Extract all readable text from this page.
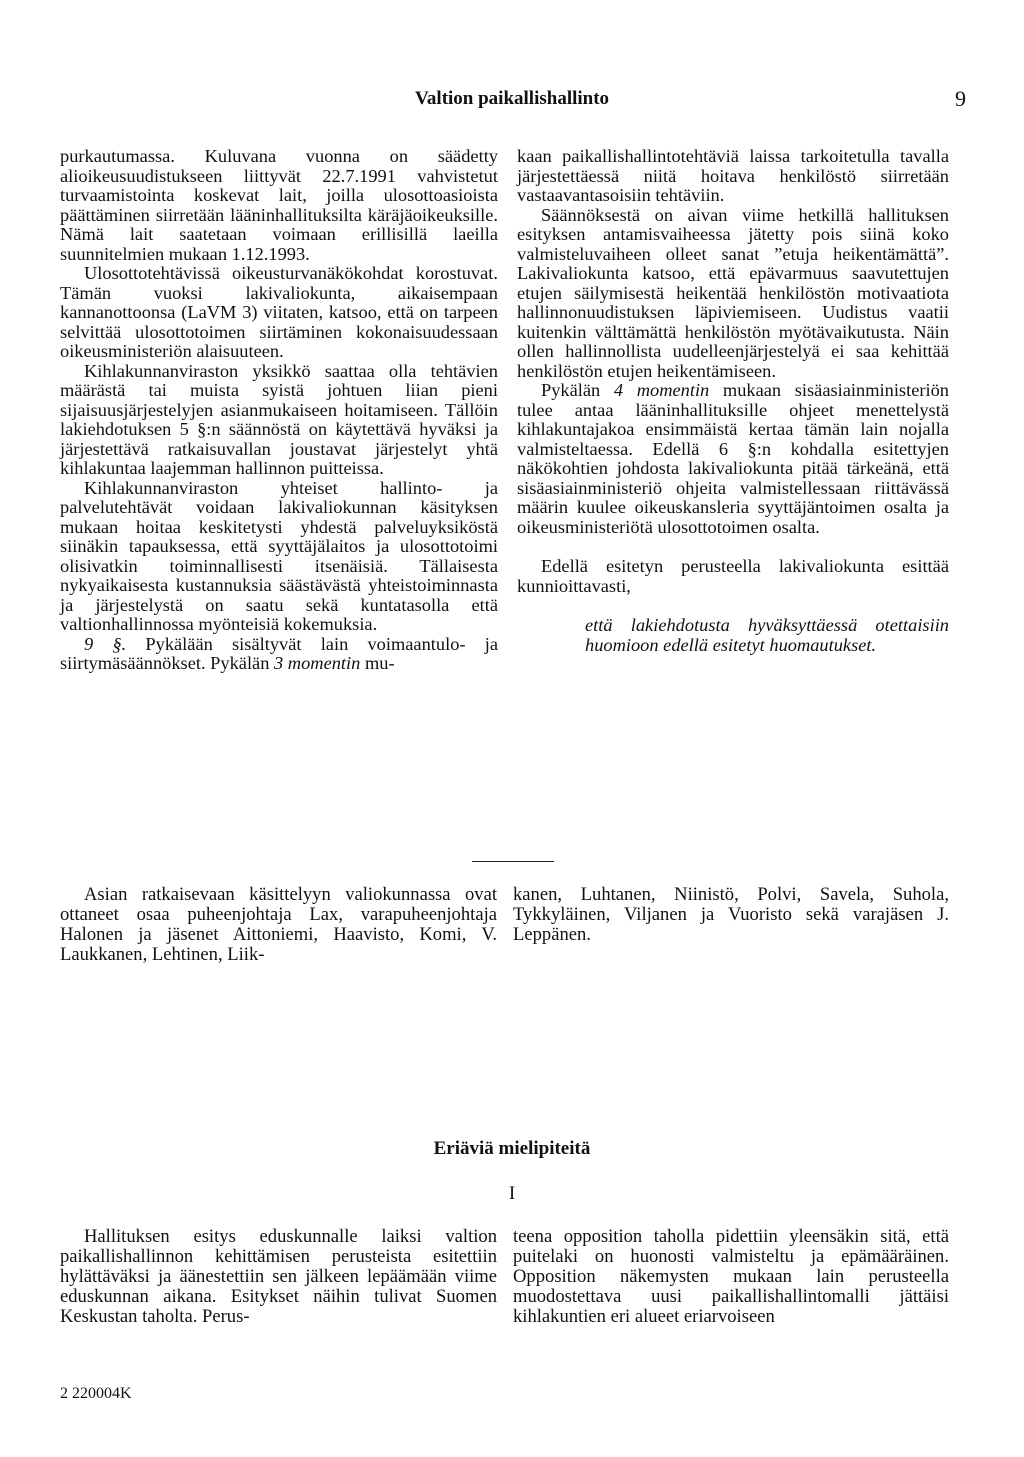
Valtion paikallishallinto	9

purkautumassa. Kuluvana vuonna on säädetty alioikeusuudistukseen liittyvät 22.7.1991 vahvistetut turvaamistointa koskevat lait, joilla ulosottoasioista päättäminen siirretään lääninhallituksilta käräjäoikeuksille. Nämä lait saatetaan voimaan erillisillä laeilla suunnitelmien mukaan 1.12.1993.

Ulosottotehtävissä oikeusturvanäkökohdat korostuvat. Tämän vuoksi lakivaliokunta, aikaisempaan kannanottoonsa (LaVM 3) viitaten, katsoo, että on tarpeen selvittää ulosottotoimen siirtäminen kokonaisuudessaan oikeusministeriön alaisuuteen.

Kihlakunnanviraston yksikkö saattaa olla tehtävien määrästä tai muista syistä johtuen liian pieni sijaisuusjärjestelyjen asianmukaiseen hoitamiseen. Tällöin lakiehdotuksen 5 §:n säännöstä on käytettävä hyväksi ja järjestettävä ratkaisuvallan joustavat järjestelyt yhtä kihlakuntaa laajemman hallinnon puitteissa.

Kihlakunnanviraston yhteiset hallinto- ja palvelutehtävät voidaan lakivaliokunnan käsityksen mukaan hoitaa keskitetysti yhdestä palveluyksiköstä siinäkin tapauksessa, että syyttäjälaitos ja ulosottotoimi olisivatkin toiminnallisesti itsenäisiä. Tällaisesta nykyaikaisesta kustannuksia säästävästä yhteistoiminnasta ja järjestelystä on saatu sekä kuntatasolla että valtionhallinnossa myönteisiä kokemuksia.

9 §. Pykälään sisältyvät lain voimaantulo- ja siirtymäsäännökset. Pykälän 3 momentin mu-

kaan paikallishallintotehtäviä laissa tarkoitetulla tavalla järjestettäessä niitä hoitava henkilöstö siirretään vastaavantasoisiin tehtäviin.

Säännöksestä on aivan viime hetkillä hallituksen esityksen antamisvaiheessa jätetty pois siinä koko valmisteluvaiheen olleet sanat ”etuja heikentämättä”. Lakivaliokunta katsoo, että epävarmuus saavutettujen etujen säilymisestä heikentää henkilöstön motivaatiota hallinnonuudistuksen läpiviemiseen. Uudistus vaatii kuitenkin välttämättä henkilöstön myötävaikutusta. Näin ollen hallinnollista uudelleenjärjestelyä ei saa kehittää henkilöstön etujen heikentämiseen.

Pykälän 4 momentin mukaan sisäasiainministeriön tulee antaa lääninhallituksille ohjeet menettelystä kihlakuntajakoa ensimmäistä kertaa tämän lain nojalla valmisteltaessa. Edellä 6 §:n kohdalla esitettyjen näkökohtien johdosta lakivaliokunta pitää tärkeänä, että sisäasiainministeriö ohjeita valmistellessaan riittävässä määrin kuulee oikeuskansleria syyttäjäntoimen osalta ja oikeusministeriötä ulosottotoimen osalta.

Edellä esitetyn perusteella lakivaliokunta esittää kunnioittavasti,

että lakiehdotusta hyväksyttäessä otettaisiin huomioon edellä esitetyt huomautukset.

Asian ratkaisevaan käsittelyyn valiokunnassa ovat ottaneet osaa puheenjohtaja Lax, varapuheenjohtaja Halonen ja jäsenet Aittoniemi, Haavisto, Komi, V. Laukkanen, Lehtinen, Liik-

kanen, Luhtanen, Niinistö, Polvi, Savela, Suhola, Tykkyläinen, Viljanen ja Vuoristo sekä varajäsen J. Leppänen.

Eriäviä mielipiteitä
I

Hallituksen esitys eduskunnalle laiksi valtion paikallishallinnon kehittämisen perusteista esitettiin hylättäväksi ja äänestettiin sen jälkeen lepäämään viime eduskunnan aikana. Esitykset näihin tulivat Suomen Keskustan taholta. Perus-

teena opposition taholla pidettiin yleensäkin sitä, että puitelaki on huonosti valmisteltu ja epämääräinen. Opposition näkemysten mukaan lain perusteella muodostettava uusi paikallishallintomalli jättäisi kihlakuntien eri alueet eriarvoiseen

2 220004K
